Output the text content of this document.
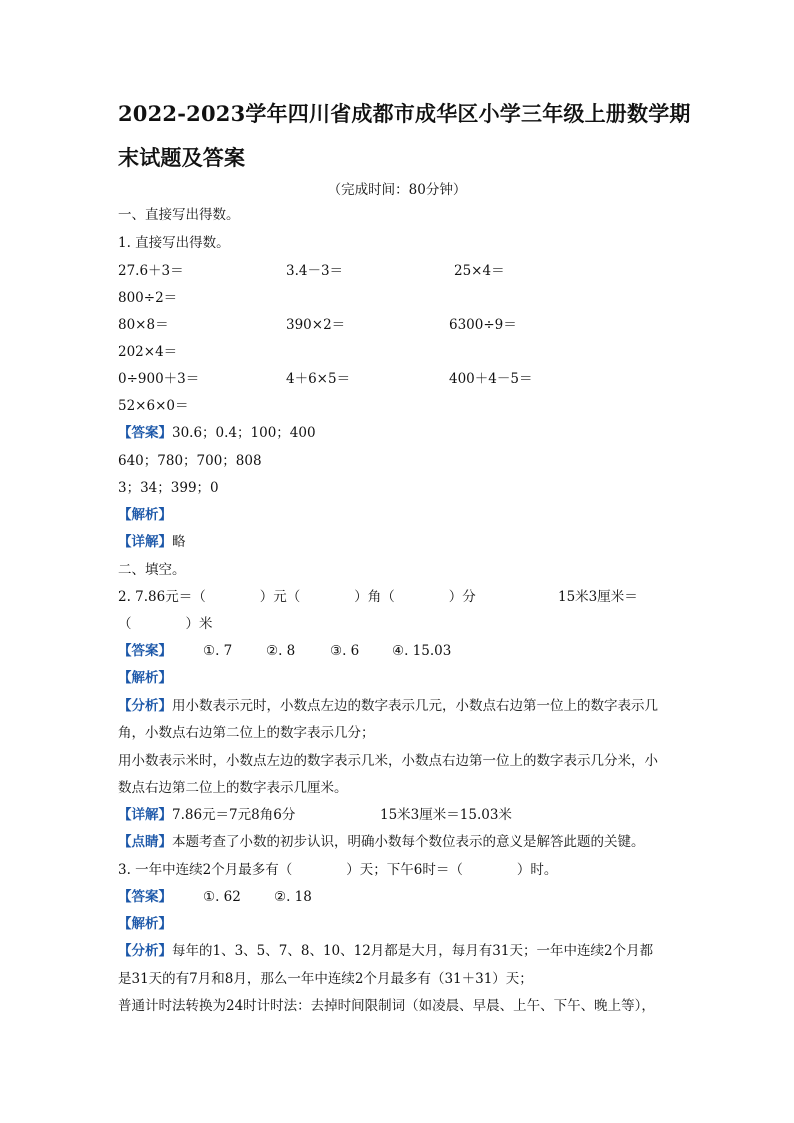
2022-2023学年四川省成都市成华区小学三年级上册数学期
末试题及答案
（完成时间：80分钟）
一、直接写出得数。
1. 直接写出得数。
27.6＋3＝	3.4－3＝	25×4＝
800÷2＝
80×8＝	390×2＝	6300÷9＝
202×4＝
0÷900＋3＝	4＋6×5＝	400＋4－5＝
52×6×0＝
【答案】30.6；0.4；100；400
640；780；700；808
3；34；399；0
【解析】
【详解】略
二、填空。
2. 7.86元＝（　　　　）元（　　　　）角（　　　　）分	15米3厘米＝
（　　　　）米
【答案】 ①. 7 ②. 8	③. 6 ④. 15.03
【解析】
【分析】用小数表示元时，小数点左边的数字表示几元，小数点右边第一位上的数字表示几
角，小数点右边第二位上的数字表示几分；
用小数表示米时，小数点左边的数字表示几米，小数点右边第一位上的数字表示几分米，小
数点右边第二位上的数字表示几厘米。
【详解】7.86元＝7元8角6分	15米3厘米＝15.03米
【点睛】本题考查了小数的初步认识，明确小数每个数位表示的意义是解答此题的关键。
3. 一年中连续2个月最多有（　　　　）天；下午6时＝（　　　　）时。
【答案】 ①. 62 ②. 18
【解析】
【分析】每年的1、3、5、7、8、10、12月都是大月，每月有31天；一年中连续2个月都
是31天的有7月和8月，那么一年中连续2个月最多有（31＋31）天；
普通计时法转换为24时计时法：去掉时间限制词（如凌晨、早晨、上午、下午、晚上等），
